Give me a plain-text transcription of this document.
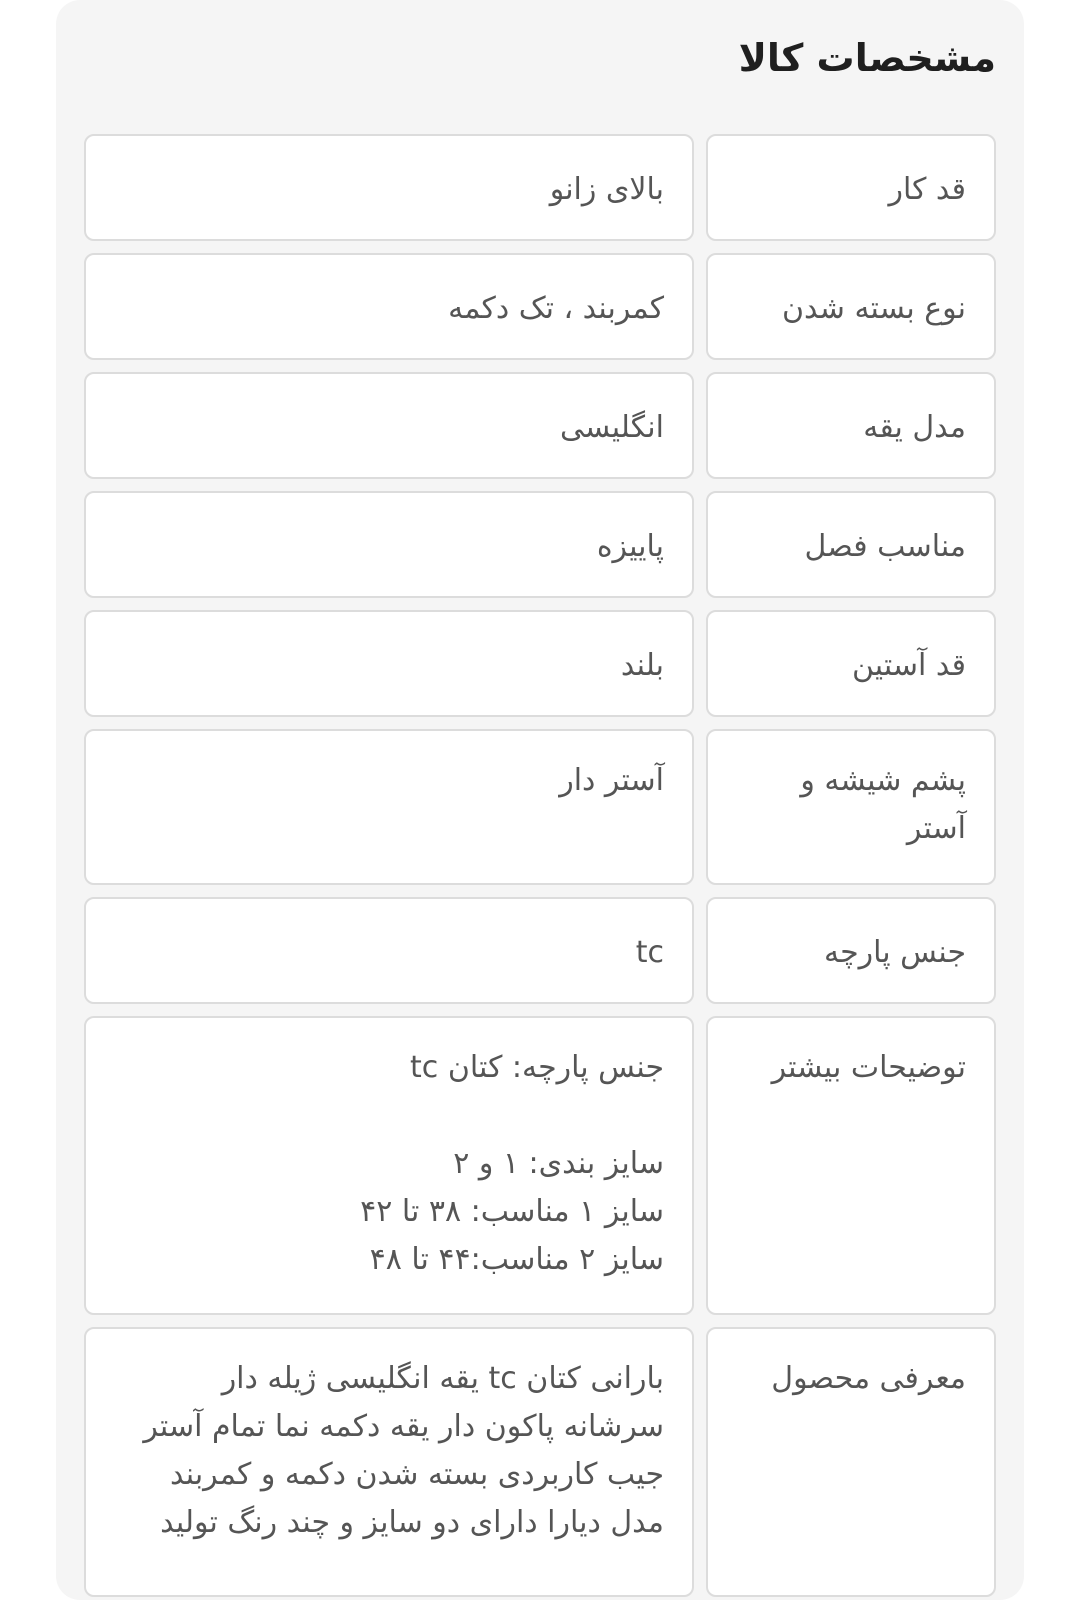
مشخصات کالا
قد کار
بالای زانو
نوع بسته شدن
کمربند ، تک دکمه
مدل یقه
انگلیسی
مناسب فصل
پاییزه
قد آستین
بلند
پشم شیشه و آستر
آستر دار
جنس پارچه
tc
توضیحات بیشتر
جنس پارچه: کتان tc

سایز بندی: ۱ و ۲
سایز ۱ مناسب: ۳۸ تا ۴۲
سایز ۲ مناسب:۴۴ تا ۴۸
معرفی محصول
بارانی کتان tc یقه انگلیسی ژیله دار سرشانه پاکون دار یقه دکمه نما تمام آستر جیب کاربردی بسته شدن دکمه و کمربند مدل دیارا دارای دو سایز و چند رنگ تولید
